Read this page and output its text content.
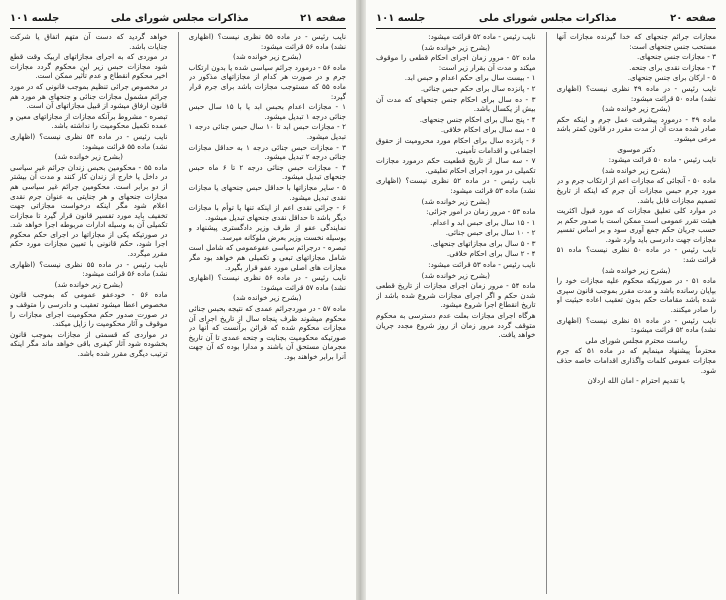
صفحه ۲۱
مذاکرات مجلس شورای ملی
جلسه ۱۰۱

نایب رئیس - در ماده ۵۵ نظری نیست؟ (اظهاری نشد) ماده ۵۶ قرائت میشود:

(بشرح زیر خوانده شد)

ماده ۵۶ - درمورد جرائم سیاسی شده یا بدون ارتکاب جرم و در صورت هر کدام از مجازاتهای مذکور در ماده ۵۵ که مستوجب مجازات باشد برای جرم قرار گیرد:

۱ - مجازات اعدام بحبس ابد یا با ۱۵ سال حبس جنائی درجه ۱ تبدیل میشود.

۲ - مجازات حبس ابد تا ۱۰ سال حبس جنائی درجه ۱ تبدیل میشود.

۳ - مجازات حبس جنائی درجه ۱ به حداقل مجازات جنائی درجه ۲ تبدیل میشود.

۴ - مجازات حبس جنائی درجه ۲ تا ۶ ماه حبس جنحهای تبدیل میشود.

۵ - سایر مجازاتها با حداقل حبس جنحهای یا مجازات نقدی تبدیل میشود.

۶ - جرائی نقدی اعم از اینکه تنها یا توأم با مجازات دیگر باشد تا حداقل نقدی جنحهای تبدیل میشود.

نمایندگی عفو از طرف وزیر دادگستری پیشنهاد و بوسیله نخست وزیر بعرض ملوکانه میرسد.

تبصره - درجرائم سیاسی عفوعمومی که شامل است شامل مجازاتهای تبعی و تکمیلی هم خواهد بود مگر مجازات های اصلی مورد عفو قرار بگیرد.

نایب رئیس - در ماده ۵۶ نظری نیست؟ (اظهاری نشد) ماده ۵۷ قرائت میشود:

(بشرح زیر خوانده شد)

ماده ۵۷ - در موردجرائم عمدی که نتیجه بحبس جنائی محکوم میشوند ظرف پنجاه سال از تاریخ اجرای آن مجازات محکوم شده که قرائن برآنست که آنها در صورتیکه محکومیت بجنایت و جنحه عمدی تا آن تاریخ مجرمان مستحق آن باشند و مدارا بوده که آن جهت آنرا برابر خواهند بود.

خواهد گردید که دست آن متهم اتفاق یا شرکت جنایات باشد.

در موردی که به اجرای مجازاتهای اربیک وقت قطع شود مجازات حبس زیر این محکوم گردد مجازات اخیر محکوم انقطاع و عدم تأثیر ممکن است.

در مخصوص جرائی تنظیم بموجب قانونی که در مورد جرائم مشمول مجازات جنائی و جنحهای هر مورد هم قانون ارفاق میشود از قبیل مجازاتهای آن است.

تبصره - مشروط برآنکه مجازات از مجازاتهای معین و عمده تکمیل محکومیت را نداشته باشد.

نایب رئیس - در ماده ۵۴ نظری نیست؟ (اظهاری نشد) ماده ۵۵ قرائت میشود:

(بشرح زیر خوانده شد)

ماده ۵۵ - محکومین بحبس زندان جرائم غیر سیاسی در داخل یا خارج از زندان کار کنند و مدت آن بیشتر از دو برابر است. محکومین جرائم غیر سیاسی هم مجازات جنحهای و هر جنایتی به عنوان جرم نقدی اعلام شود مگر اینکه درخواست مجازاتی جهت تخفیف باید مورد تفسیر قانون قرار گیرد تا مجازات تکمیلی آن به وسیله ادارات مربوطه اجرا خواهد شد. در صورتیکه یکی از مجازاتها در اجرای حکم محکوم اجرا شود، حکم قانونی با تعیین مجازات مورد حکم مقرر میگردد.

نایب رئیس - در ماده ۵۵ نظری نیست؟ (اظهاری نشد) ماده ۵۶ قرائت میشود:

(بشرح زیر خوانده شد)

ماده ۵۶ - خودعفو عمومی که بموجب قانون مخصوص اعطا میشود تعقیب و دادرسی را متوقف و در صورت صدور حکم محکومیت اجرای مجازات را موقوف و آثار محکومیت را زایل میکند.

در مواردی که قسمتی از مجازات بموجب قانون بخشوده شود آثار کیفری باقی خواهد ماند مگر اینکه ترتیب دیگری مقرر شده باشد.

صفحه ۲۰
مذاکرات مجلس شورای ملی
جلسه ۱۰۱

مجازات جرائم جنحهای که خدا گیرنده مجازات آنها مستحب جنس جنحهای است:

۳ - مجازات جنس جنحهای.

۴ - مجازات نقدی برای جنحه.

۵ - ارکان برای جنس جنحهای.

نایب رئیس - در ماده ۴۹ نظری نیست؟ (اظهاری نشد) ماده ۵۰ قرائت میشود:

(بشرح زیر خوانده شد)

ماده ۴۹ - درمورد پیشرفت عمل جرم و اینکه حکم صادر شده مدت آن از مدت مقرر در قانون کمتر باشد مرعی میشود.

دکتر موسوی

نایب رئیس - ماده ۵۰ قرائت میشود:

(بشرح زیر خوانده شد)

ماده ۵۰ - آنجائی که مجازات اعم از ارتکاب جرم و در مورد جرم حبس مجازات آن جرم که اینکه از تاریخ تصمیم مجازات قابل باشد.

در موارد کلی تعلیق مجازات که مورد قبول اکثریت هیئت تقرر عمومی است ممکن است با صدور حکم بر حسب جریان حکم جمع آوری سود و بر اساس تفسیر مجازات جهت دادرسی باید وارد شود.

نایب رئیس - در ماده ۵۰ نظری نیست؟ ماده ۵۱ قرائت شد:

(بشرح زیر خوانده شد)

ماده ۵۱ - در صورتیکه محکوم علیه مجازات خود را بپایان رسانده باشد و مدت مقرر بموجب قانون سپری شده باشد مقامات حکم بدون تعقیب اعاده حیثیت او را صادر میکنند.

نایب رئیس - در ماده ۵۱ نظری نیست؟ (اظهاری نشد) ماده ۵۲ قرائت میشود:

ریاست محترم مجلس شورای ملی

محترماً پیشنهاد مینمایم که در ماده ۵۱ که جرم مجازات عمومی کلمات واگذاری اقدامات خاصه حذف شود.

با تقدیم احترام - امان الله اردلان

نایب رئیس - ماده ۵۲ قرائت میشود:

(بشرح زیر خوانده شد)

ماده ۵۲ - مرور زمان اجرای احکام قطعی را موقوف میکند و مدت آن بقرار زیر است:

۱ - بیست سال برای حکم اعدام و حبس ابد.

۲ - پانزده سال برای حکم حبس جنائی.

۳ - ده سال برای احکام جنس جنحهای که مدت آن بیش از یکسال باشد.

۴ - پنج سال برای احکام جنس جنحهای.

۵ - سه سال برای احکام خلافی.

۶ - پانزده سال برای احکام مورد محرومیت از حقوق اجتماعی و اقدامات تأمینی.

۷ - سه سال از تاریخ قطعیت حکم درمورد مجازات تکمیلی در مورد اجرای احکام تعلیقی.

نایب رئیس - در ماده ۵۲ نظری نیست؟ (اظهاری نشد) ماده ۵۳ قرائت میشود:

(بشرح زیر خوانده شد)

ماده ۵۳ - مرور زمان در امور جزائی:

۱ - ۱۵ سال برای حبس ابد و اعدام.

۲ - ۱۰ سال برای حبس جنائی.

۳ - ۵ سال برای مجازاتهای جنحهای.

۴ - ۲ سال برای احکام خلافی.

نایب رئیس - ماده ۵۳ قرائت میشود:

(بشرح زیر خوانده شد)

ماده ۵۴ - مرور زمان اجرای مجازات از تاریخ قطعی شدن حکم و اگر اجرای مجازات شروع شده باشد از تاریخ انقطاع اجرا شروع میشود.

هرگاه اجرای مجازات بعلت عدم دسترسی به محکوم متوقف گردد مرور زمان از روز شروع مجدد جریان خواهد یافت.
